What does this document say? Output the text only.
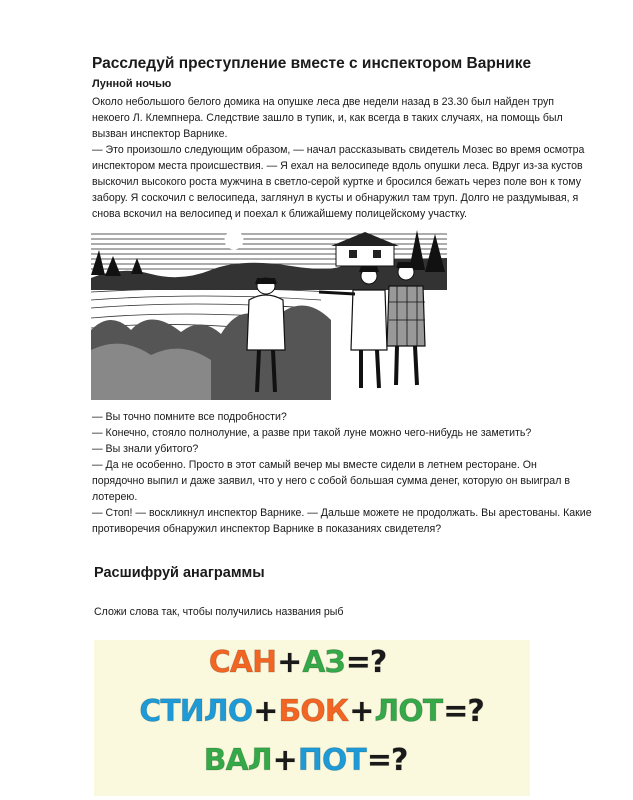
Расследуй преступление вместе с инспектором Варнике

Лунной ночью

Около небольшого белого домика на опушке леса две недели назад в 23.30 был найден труп некоего Л. Клемпнера. Следствие зашло в тупик, и, как всегда в таких случаях, на помощь был вызван инспектор Варнике.
— Это произошло следующим образом, — начал рассказывать свидетель Мозес во время осмотра инспектором места происшествия. — Я ехал на велосипеде вдоль опушки леса. Вдруг из-за кустов выскочил высокого роста мужчина в светло-серой куртке и бросился бежать через поле вон к тому забору. Я соскочил с велосипеда, заглянул в кусты и обнаружил там труп. Долго не раздумывая, я снова вскочил на велосипед и поехал к ближайшему полицейскому участку.
— Вы точно помните все подробности?
— Конечно, стояло полнолуние, а разве при такой луне можно чего-нибудь не заметить?
— Вы знали убитого?
— Да не особенно. Просто в этот самый вечер мы вместе сидели в летнем ресторане. Он порядочно выпил и даже заявил, что у него с собой большая сумма денег, которую он выиграл в лотерею.
— Стоп! — воскликнул инспектор Варнике. — Дальше можете не продолжать. Вы арестованы. Какие противоречия обнаружил инспектор Варнике в показаниях свидетеля?
Расшифруй анаграммы

Сложи слова так, чтобы получились названия рыб

САН + АЗ =?
СТИЛО + БОК + ЛОТ =?
ВАЛ + ПОТ =?
